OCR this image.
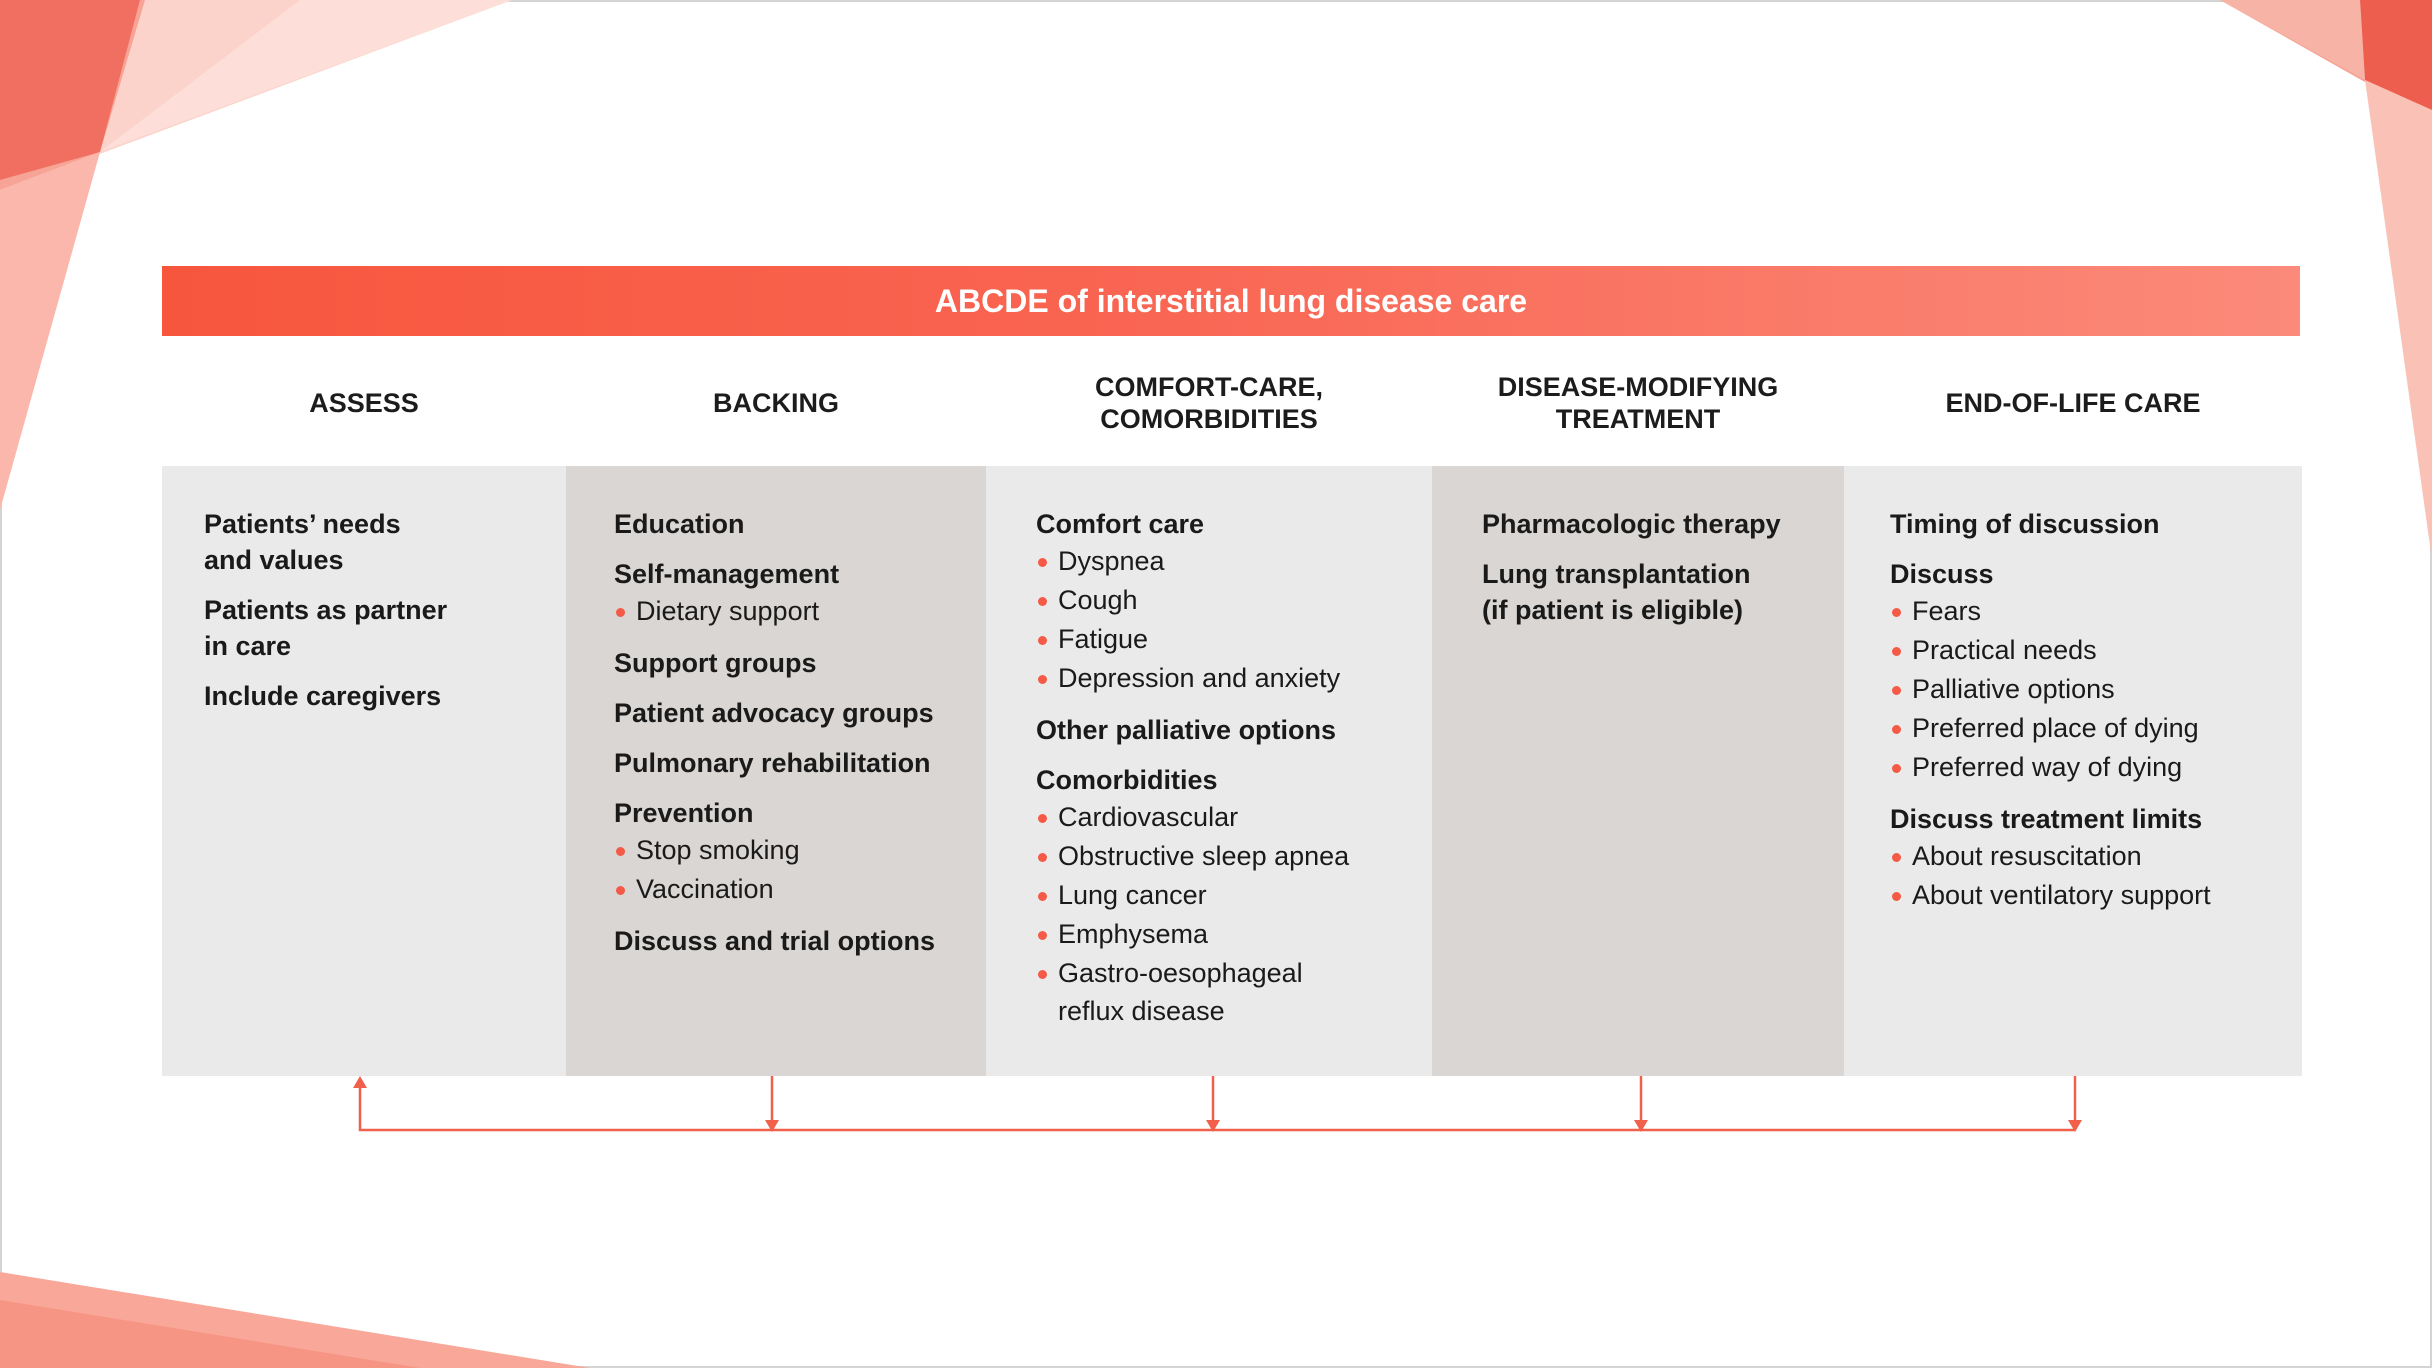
ABCDE of interstitial lung disease care
ASSESS	BACKING
COMFORT-CARE,
COMORBIDITIES
DISEASE-MODIFYING
TREATMENT
END-OF-LIFE CARE
Patients’ needs
and values
Patients as partner
in care
Include caregivers
Education
Self-management
Dietary support
Support groups
Patient advocacy groups
Pulmonary rehabilitation
Prevention
Stop smoking
Vaccination
Discuss and trial options
Comfort care
Dyspnea
Cough
Fatigue
Depression and anxiety
Other palliative options
Comorbidities
Cardiovascular
Obstructive sleep apnea
Lung cancer
Emphysema
Gastro-oesophageal
reflux disease
Pharmacologic therapy
Lung transplantation
(if patient is eligible)
Timing of discussion
Discuss
Fears
Practical needs
Palliative options
Preferred place of dying
Preferred way of dying
Discuss treatment limits
About resuscitation
About ventilatory support
